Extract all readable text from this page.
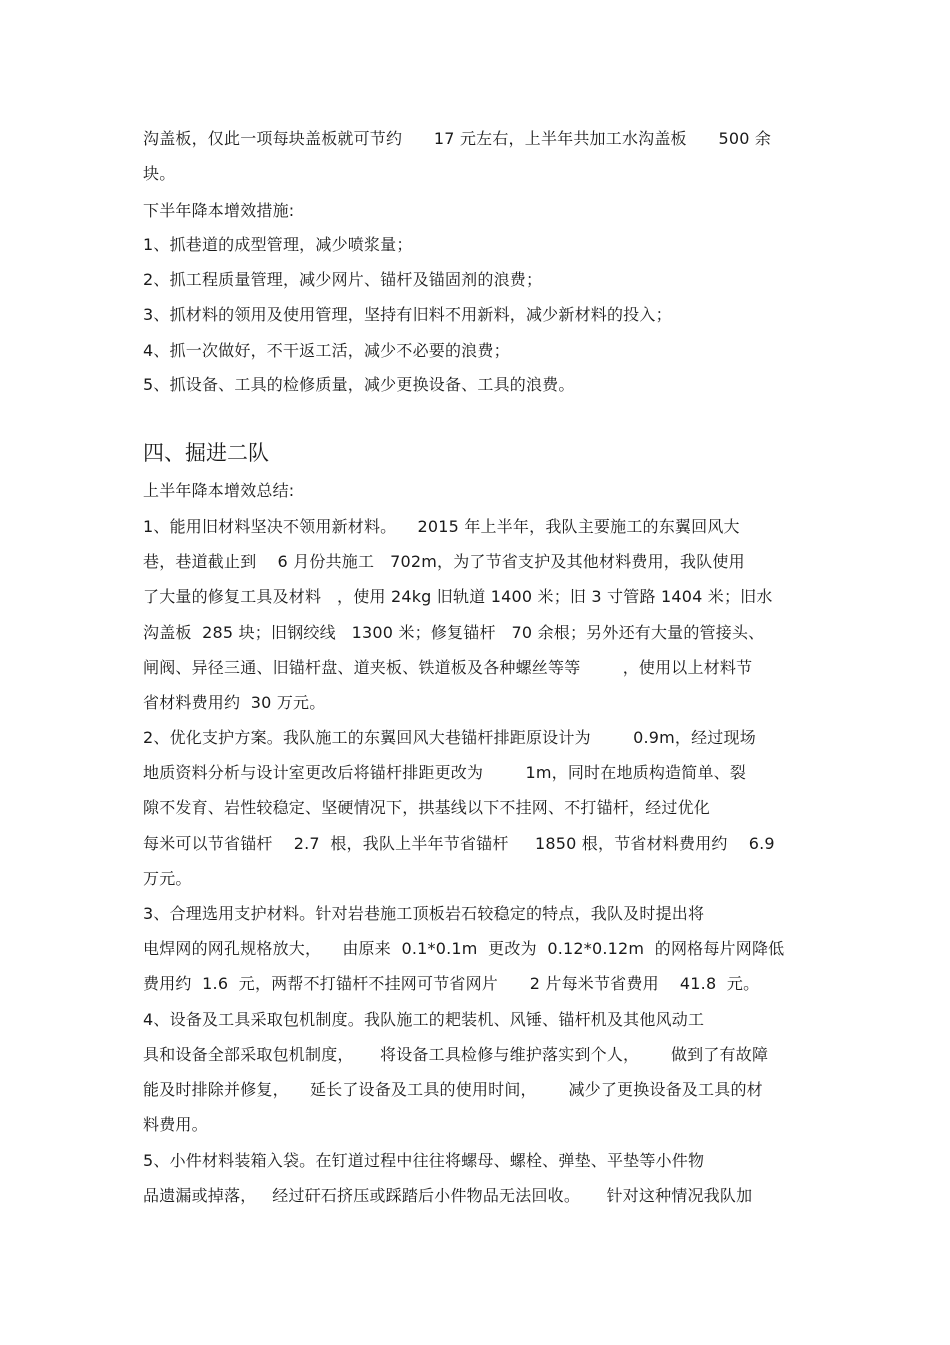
沟盖板，仅此一项每块盖板就可节约      17 元左右，上半年共加工水沟盖板      500 余
块。
下半年降本增效措施:
1、抓巷道的成型管理，减少喷浆量；
2、抓工程质量管理，减少网片、锚杆及锚固剂的浪费；
3、抓材料的领用及使用管理，坚持有旧料不用新料，减少新材料的投入；
4、抓一次做好，不干返工活，减少不必要的浪费；
5、抓设备、工具的检修质量，减少更换设备、工具的浪费。
四、掘进二队
上半年降本增效总结:
1、能用旧材料坚决不领用新材料。    2015 年上半年，我队主要施工的东翼回风大
巷，巷道截止到    6 月份共施工   702m，为了节省支护及其他材料费用，我队使用
了大量的修复工具及材料   ，使用 24kg 旧轨道 1400 米；旧 3 寸管路 1404 米；旧水
沟盖板  285 块；旧钢绞线   1300 米；修复锚杆   70 余根；另外还有大量的管接头、
闸阀、异径三通、旧锚杆盘、道夹板、铁道板及各种螺丝等等        ，使用以上材料节
省材料费用约  30 万元。
2、优化支护方案。我队施工的东翼回风大巷锚杆排距原设计为        0.9m，经过现场
地质资料分析与设计室更改后将锚杆排距更改为        1m，同时在地质构造简单、裂
隙不发育、岩性较稳定、坚硬情况下，拱基线以下不挂网、不打锚杆，经过优化
每米可以节省锚杆    2.7  根，我队上半年节省锚杆     1850 根，节省材料费用约    6.9
万元。
3、合理选用支护材料。针对岩巷施工顶板岩石较稳定的特点，我队及时提出将
电焊网的网孔规格放大，    由原来  0.1*0.1m  更改为  0.12*0.12m  的网格每片网降低
费用约  1.6  元，两帮不打锚杆不挂网可节省网片      2 片每米节省费用    41.8  元。
4、设备及工具采取包机制度。我队施工的耙装机、风锤、锚杆机及其他风动工
具和设备全部采取包机制度，     将设备工具检修与维护落实到个人，      做到了有故障
能及时排除并修复，    延长了设备及工具的使用时间，      减少了更换设备及工具的材
料费用。
5、小件材料装箱入袋。在钉道过程中往往将螺母、螺栓、弹垫、平垫等小件物
品遗漏或掉落，   经过矸石挤压或踩踏后小件物品无法回收。     针对这种情况我队加
